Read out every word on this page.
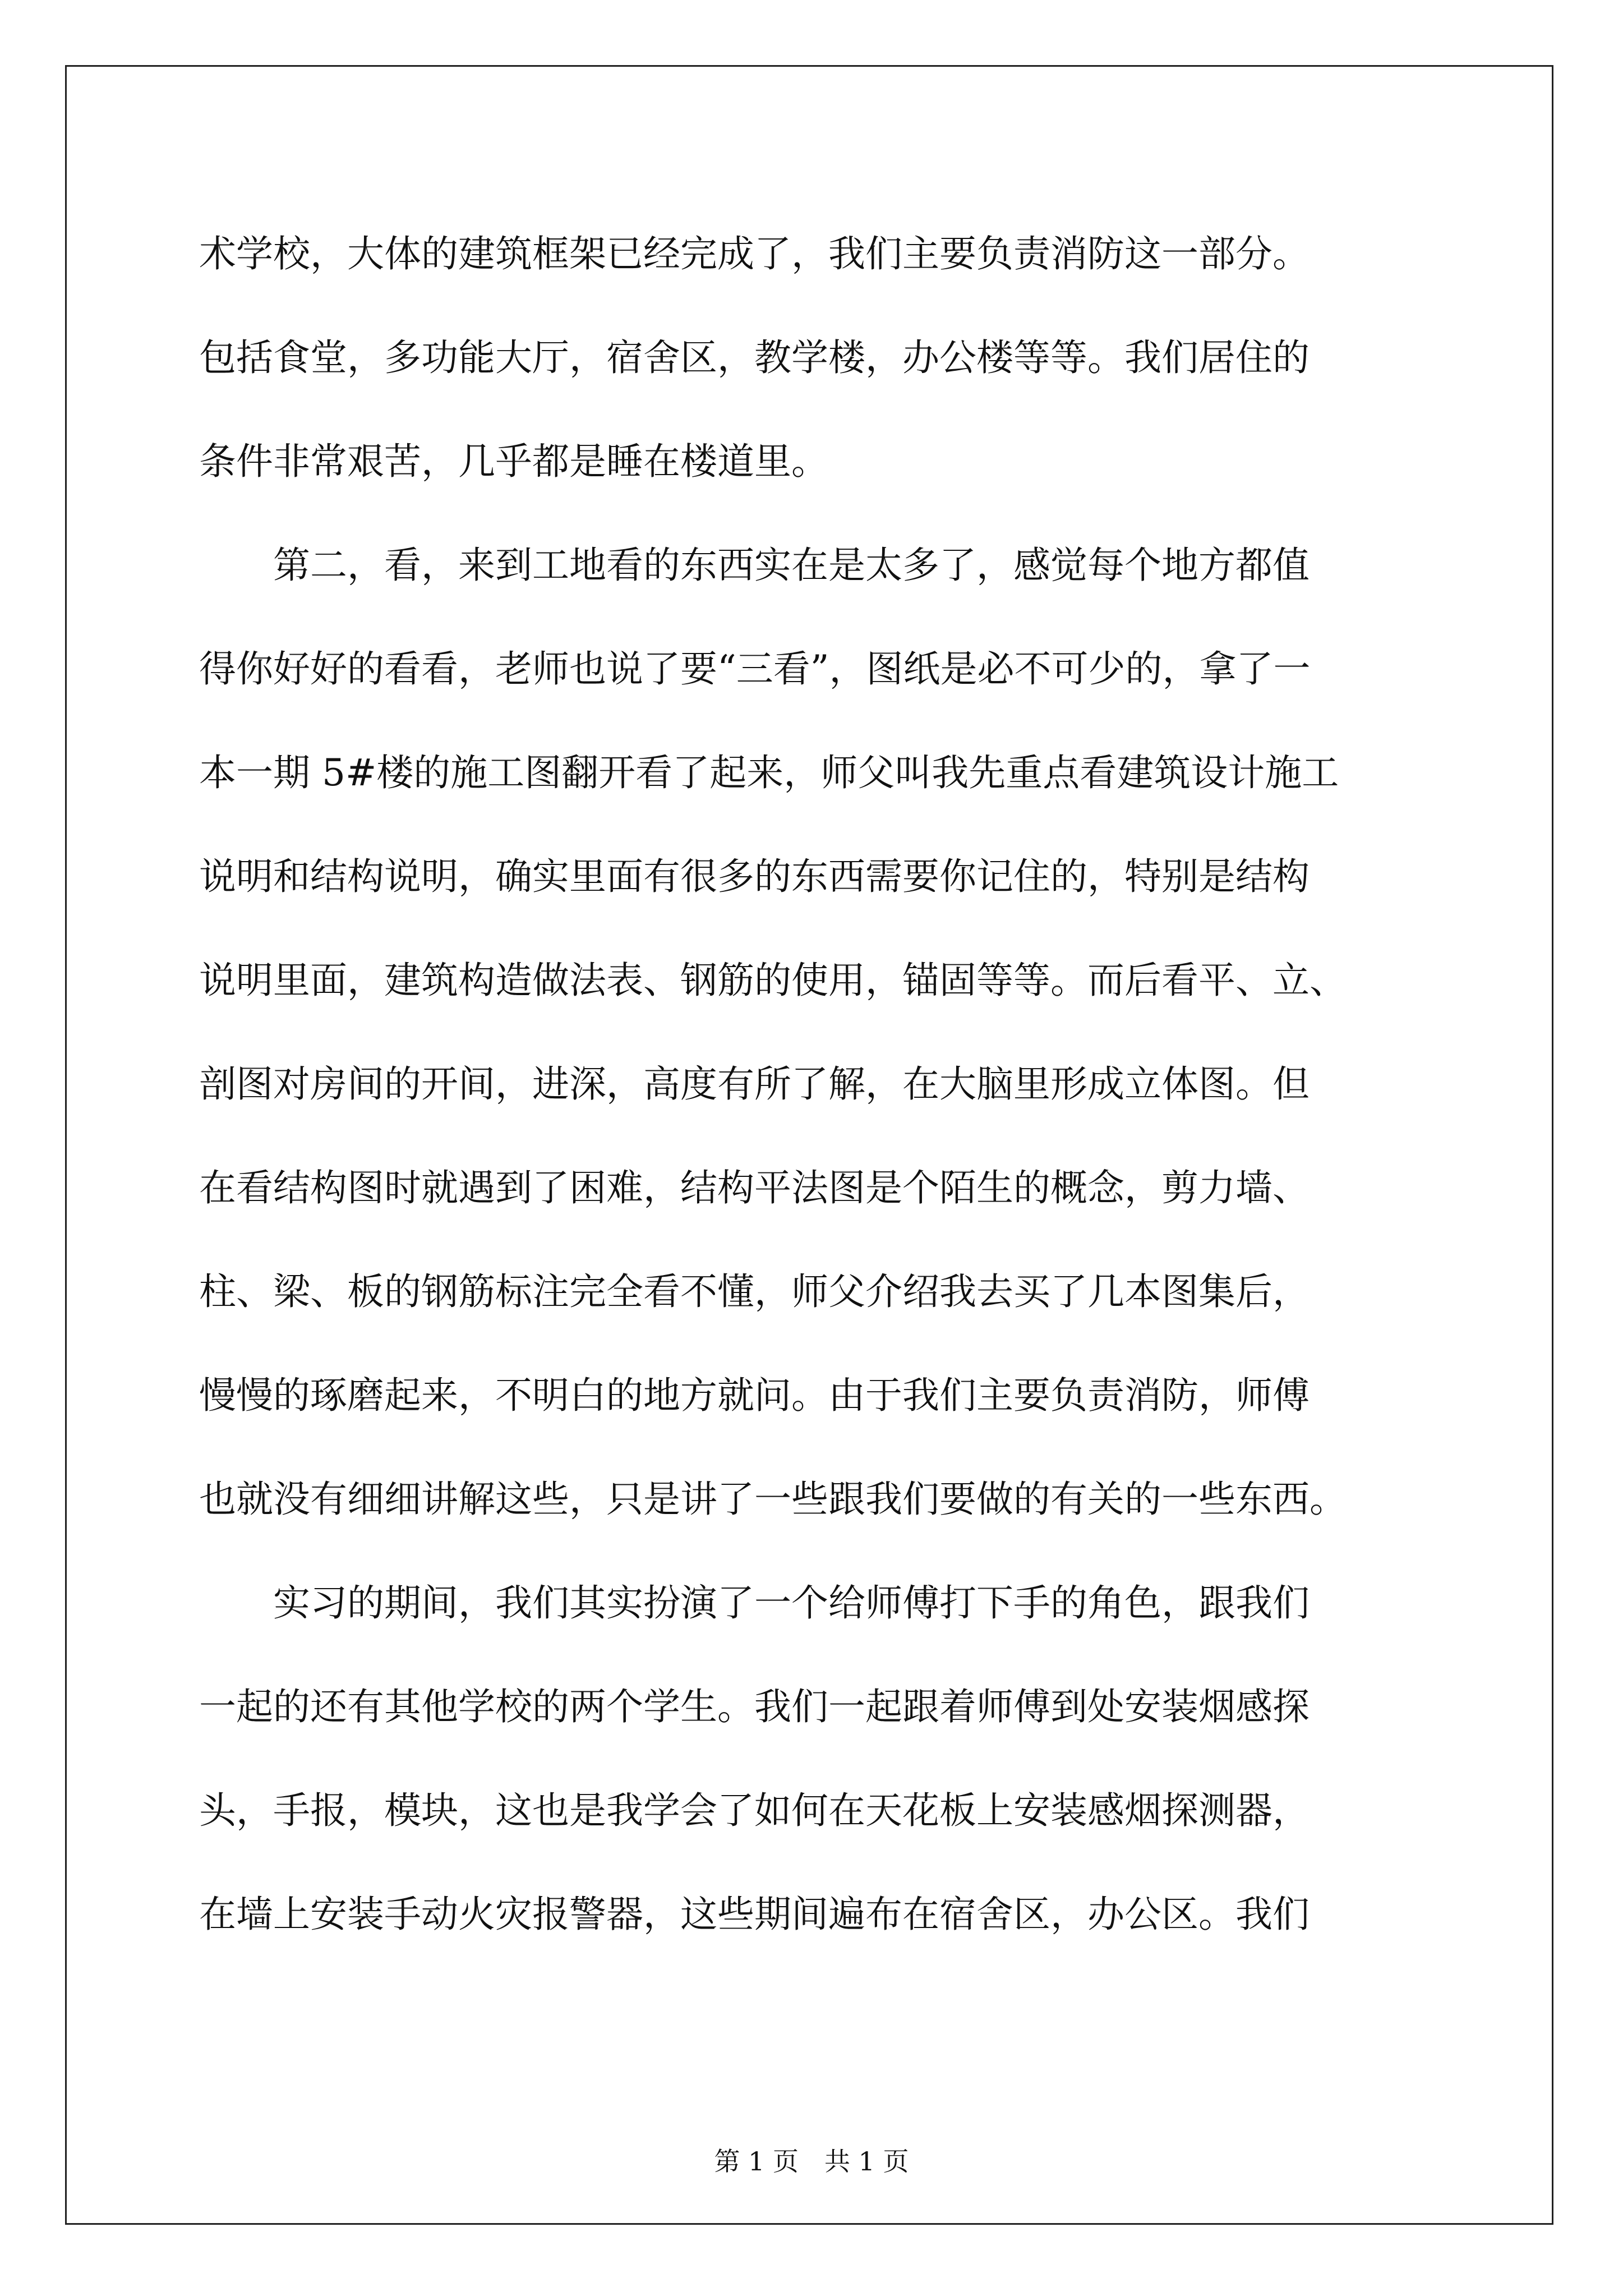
术学校，大体的建筑框架已经完成了，我们主要负责消防这一部分。
包括食堂，多功能大厅，宿舍区，教学楼，办公楼等等。我们居住的
条件非常艰苦，几乎都是睡在楼道里。
　　第二，看，来到工地看的东西实在是太多了，感觉每个地方都值
得你好好的看看，老师也说了要“三看”，图纸是必不可少的，拿了一
本一期 5#楼的施工图翻开看了起来，师父叫我先重点看建筑设计施工
说明和结构说明，确实里面有很多的东西需要你记住的，特别是结构
说明里面，建筑构造做法表、钢筋的使用，锚固等等。而后看平、立、
剖图对房间的开间，进深，高度有所了解，在大脑里形成立体图。但
在看结构图时就遇到了困难，结构平法图是个陌生的概念，剪力墙、
柱、梁、板的钢筋标注完全看不懂，师父介绍我去买了几本图集后，
慢慢的琢磨起来，不明白的地方就问。由于我们主要负责消防，师傅
也就没有细细讲解这些，只是讲了一些跟我们要做的有关的一些东西。
　　实习的期间，我们其实扮演了一个给师傅打下手的角色，跟我们
一起的还有其他学校的两个学生。我们一起跟着师傅到处安装烟感探
头，手报，模块，这也是我学会了如何在天花板上安装感烟探测器，
在墙上安装手动火灾报警器，这些期间遍布在宿舍区，办公区。我们
第 1 页　共 1 页
